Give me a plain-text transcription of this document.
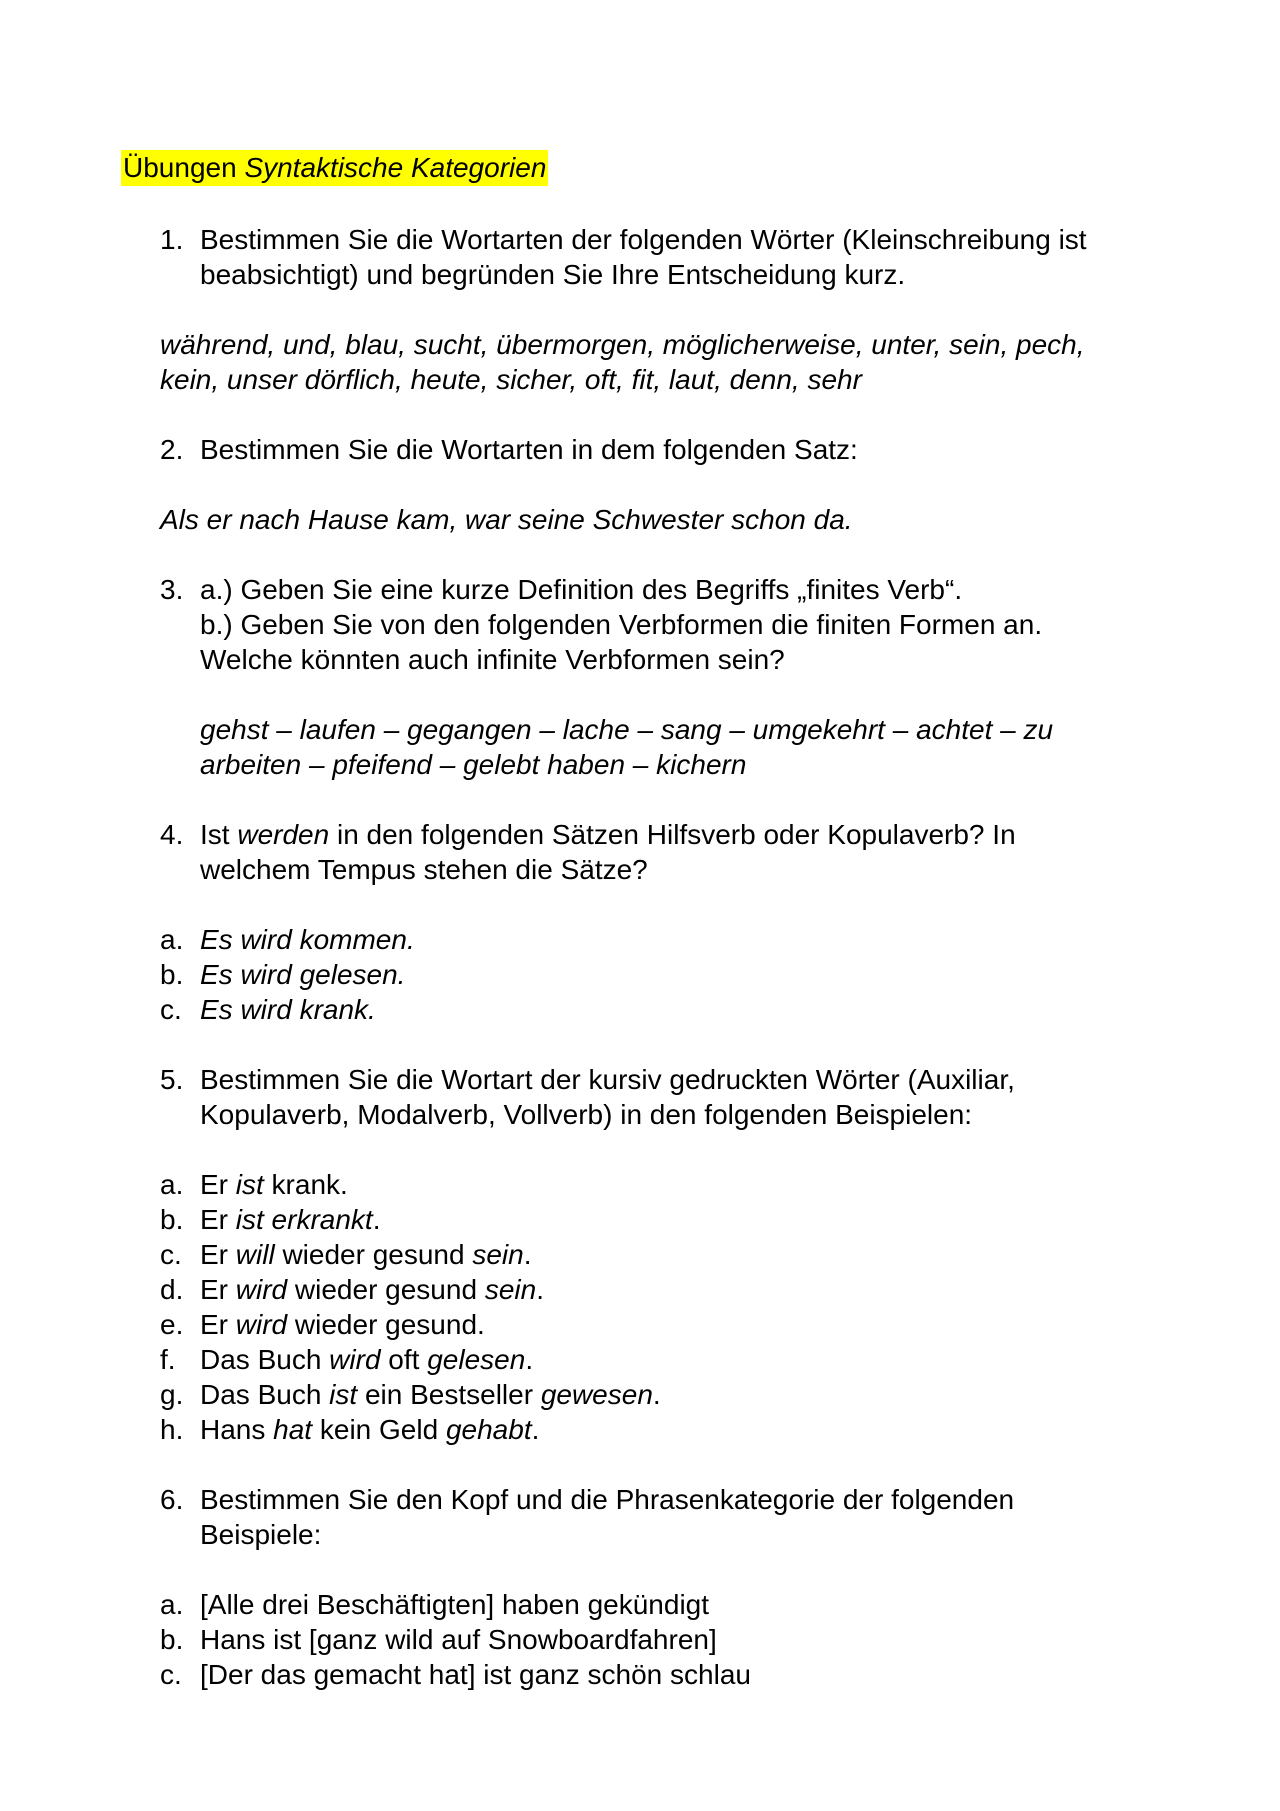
Übungen Syntaktische Kategorien
1. Bestimmen Sie die Wortarten der folgenden Wörter (Kleinschreibung ist
beabsichtigt) und begründen Sie Ihre Entscheidung kurz.
während, und, blau, sucht, übermorgen, möglicherweise, unter, sein, pech,
kein, unser dörflich, heute, sicher, oft, fit, laut, denn, sehr
2. Bestimmen Sie die Wortarten in dem folgenden Satz:
Als er nach Hause kam, war seine Schwester schon da.
3. a.) Geben Sie eine kurze Definition des Begriffs „finites Verb“.
b.) Geben Sie von den folgenden Verbformen die finiten Formen an.
Welche könnten auch infinite Verbformen sein?
gehst – laufen – gegangen – lache – sang – umgekehrt – achtet – zu
arbeiten – pfeifend – gelebt haben – kichern
4. Ist werden in den folgenden Sätzen Hilfsverb oder Kopulaverb? In
welchem Tempus stehen die Sätze?
a. Es wird kommen.
b. Es wird gelesen.
c. Es wird krank.
5. Bestimmen Sie die Wortart der kursiv gedruckten Wörter (Auxiliar,
Kopulaverb, Modalverb, Vollverb) in den folgenden Beispielen:
a. Er ist krank.
b. Er ist erkrankt.
c. Er will wieder gesund sein.
d. Er wird wieder gesund sein.
e. Er wird wieder gesund.
f. Das Buch wird oft gelesen.
g. Das Buch ist ein Bestseller gewesen.
h. Hans hat kein Geld gehabt.
6. Bestimmen Sie den Kopf und die Phrasenkategorie der folgenden
Beispiele:
a. [Alle drei Beschäftigten] haben gekündigt
b. Hans ist [ganz wild auf Snowboardfahren]
c. [Der das gemacht hat] ist ganz schön schlau
